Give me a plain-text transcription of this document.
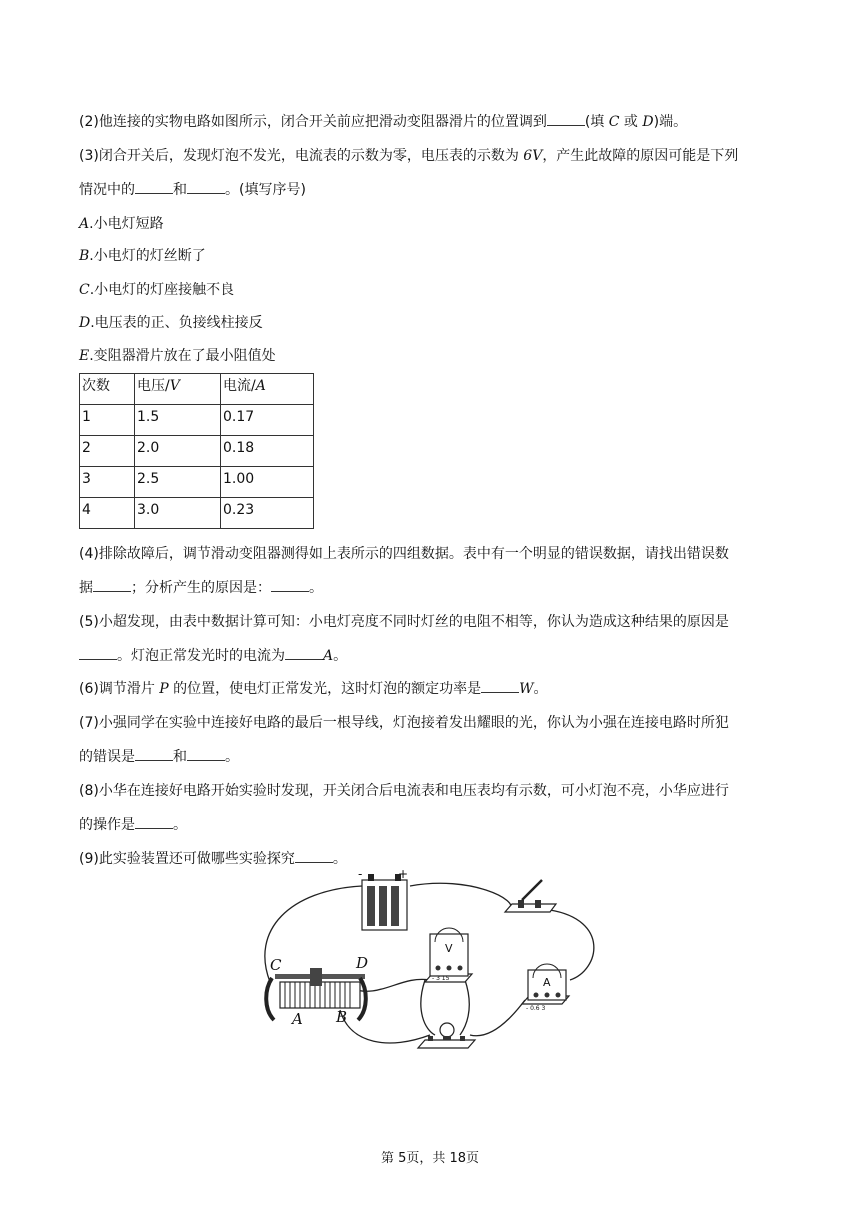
(2)他连接的实物电路如图所示，闭合开关前应把滑动变阻器滑片的位置调到	(填 C 或 D)端。
(3)闭合开关后，发现灯泡不发光，电流表的示数为零，电压表的示数为 6V，产生此故障的原因可能是下列
情况中的	和	。(填写序号)
A.小电灯短路
B.小电灯的灯丝断了
C.小电灯的灯座接触不良
D.电压表的正、负接线柱接反
E.变阻器滑片放在了最小阻值处
次数	电压/V	电流/A
1	1.5	0.17
2	2.0	0.18
3	2.5	1.00
4	3.0	0.23
(4)排除故障后，调节滑动变阻器测得如上表所示的四组数据。表中有一个明显的错误数据，请找出错误数
据	；分析产生的原因是：	。
(5)小超发现，由表中数据计算可知：小电灯亮度不同时灯丝的电阻不相等，你认为造成这种结果的原因是
。灯泡正常发光时的电流为	A。
(6)调节滑片 P 的位置，使电灯正常发光，这时灯泡的额定功率是	W。
(7)小强同学在实验中连接好电路的最后一根导线，灯泡接着发出耀眼的光，你认为小强在连接电路时所犯
的错误是	和	。
(8)小华在连接好电路开始实验时发现，开关闭合后电流表和电压表均有示数，可小灯泡不亮，小华应进行
的操作是	。
(9)此实验装置还可做哪些实验探究	。
-	+
C	D
A B
V
- 3 15	A
- 0.6 3
第 5页，共 18页
